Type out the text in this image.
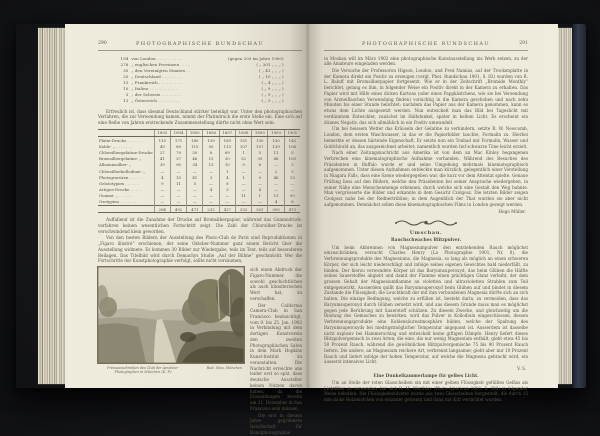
290	PHOTOGRAPHISCHE RUNDSCHAU
194 von London . . . . . . . . . .	(gegen 203 im Jahre 1900)
278 „ englischen Provinzen . . . .	( „ 301 „ „ „ )
35 „ den Vereinigten Staaten . .	( „ 43 „ „ „ )
25 „ Deutschland . . . . . . . .	( „ 10 „ „ „ )
13 „ Frankreich . . . . . . . . .	( „ 4 „ „ „ )
10 „ Italien . . . . . . . . . . .	( „ 9 „ „ „ )
3 „ der Schweiz . . . . . . . .	( „ 9 „ „ „ )
13 „ Österreich . . . . . . . . .	( „ 3 „ „ „ )

Erfreulich ist, dass diesmal Deutschland stärker beteiligt war. Unter den photographischen Verfahren, die zur Verwendung kamen, nimmt der Platindruck die erste Stelle ein. Eine sich auf eine Reihe von Jahren erstreckende Zusammenstellung dürfte nicht ohne Wert sein:

	1893	1894	1895	1896	1897	1898	1899	1900	1901
Platin-Drucke . . . . . .	115	171	180	139	189	151	130	130	143
Kohle- „ . . . . . . .	49	89	115	50	113	107	107	139	108
Chlorsilbergelatine-Drucke	27	79	50	8	69	1	5	11	5
Bromsilbergelatine- „	41	37	46	15	30	52	39	48	100
Albuminsilber- „	39	90	34	13	10	9	6	—	3
Chlorsilberkollodium- „	—	—	—	—	1	—	—	2	3
Photogravüren . . . . .	4	15	41	3	4	1	9	46	13
Gelatotypien . . . . . .	9	11	5	—	8	—	—	—	—
Artigue-Drucke . . . . .	—	—	—	4	3	—	4	—	—
Gummi- „ . . . . . .	—	—	—	—	—	11	1	13	90
Ozotypien . . . . . . .	—	—	—	—	—	—	—	4	8
	284	492	471	232	427	332	301	393	473

Auffallend ist die Zunahme der Drucke auf Bromsilberpapier, während das Gummidruck-verfahren keinen wesentlichen Fortschritt zeigt. Die Zahl der Chlorsilber-Drucke ist verschwindend klein geworden.

Von den besten Bildern der Ausstellung des Photo-Club de Paris sind Reproduktionen in „Figaro illustré“ erschienen, der seine Oktober-Nummer ganz einem Bericht über die Ausstellung widmete. Es kommen 30 Bilder zur Wiedergabe, teils im Text, teils auf besonderen Beilagen. Das Titelbild wird durch Demachys Studie „Auf der Bühne“ geschmückt. Wer die Fortschritte der Kunstphotographie verfolgt, sollte nicht versäumen,

Preisausschreiben des Club der Amateur-Photographen in München (K. P.)
Rud. Süss, München

sich einen Abdruck der Figaro-Nummer, die sowohl geschichtlichen als auch künstlerischen Wert hat, zu verschaffen.

Der California Camera-Club in San Francisco beabsichtigt, vom 9. bis 25. Jan. 1902 in Verbindung mit dem dortigen Kunstverein den zweiten Photographischen Salon in dem Mark Hopkins Kunst-Institut zu veranstalten. Die Nachricht erreichte uns leider erst so spät, dass deutsche Aussteller keinen Nutzen davon haben, da die Einsendungen bereits am 21. Dezember in San Francisco sein müssen.

Die erst in diesem Jahre gegründete Gesellschaft für Kunstphotographie

PHOTOGRAPHISCHE RUNDSCHAU	291

in Moskau will im März 1902 eine photographische Kunstausstellung ins Werk setzen, zu der alle Amateure eingeladen werden.

Die Versuche der Professoren Higson, London, und Fred Namias, auf der Trockenplatte in der Kamera direkt ein Positiv zu erzeugen (vergl. Phot. Rundschau 1901, S. 82) wurden von R. L. Baluff mit Bromsilberpapier fortgesetzt. Wie er in der Zeitschrift „Bromide Monthly“ berichtet, gelang es ihm, in folgender Weise ein Positiv direkt in der Kamera zu erhalten. Das Papier wird mit Hilfe eines dicken Kartons (oder eines Pappkästchens, wie sie bei Versendung von Arzneiflaschen Verwendung finden) vorsichtig in die Kamera geschoben und nach zehn Minuten bis einer Stunde belichtet; nachdem das Papier aus der Kamera genommen, kann es etwas dem Lichte ausgesetzt werden. Nun entwickelt man das Bild bei Tageslicht mit verdünntem Entwickler, zunächst im Halbdunkel, später in hellem Licht. Es erscheint ein dünnes Negativ, das sich allmählich in ein Positiv umwandelt.

Um bei heissem Wetter das Kräuseln der Gelatine zu verhindern, setzte R. W. Newcomb, London, dem ersten Waschwasser, in das er die Papierbilder tauchte, Formalin zu. Hierbei bemerkte er dessen härtende Eigenschaft. Er setzte nun ein Tonbad mit Formalin, Wasser und Goldchlorid an, das ausgezeichnet arbeitet; namentlich wurden tief schwarze Töne leicht erzielt.

Nach einer Zeitungsnachricht aus Amerika ist von dem an Mac Kinley begangenen Verbrechen eine kinematographische Aufnahme vorhanden. Während des Besuches des Präsidenten in Buffalo wurde er und seine Umgebung mehrmals kinematographisch aufgenommen. Unter diesen Aufnahmen entdeckte man kürzlich, gelegentlich einer Vorstellung in Niagara Falls, dass eine Szene wiedergegeben war, die kurz vor dem Attentat spielte. Genaue Prüfung liess auf den Bildern, welche den Präsidenten bei seiner Ansprache wiedergeben, in seiner Nähe eine Menschenmenge erkennen, durch welche sich eine Gestalt den Weg bahnte. Man vergrösserte die Bilder und erkannte in dem Gesicht Czolgosz. Die letzten Bilder zeigen Czolgosz nahe bei der Rednertribüne; in dem Augenblick der That wurden sie aber nicht aufgenommen. Demnächst sollen diese kinematographischen Films in London gezeigt werden.

Hugo Müller.
Umschau.
Rauchschwaches Blitzpulver.

Um beim Abbrennen von Magnesiumpulver den entstehenden Rauch möglichst einzuschränken, versucht Charles Henry (La Photographie 1901, Nr. 8), die Verbrennungsprodukte des Magnesiums, die Magnesia, so lang als möglich an einen schweren Körper, der sich leicht niederschlägt und infolge seines eigenen Gewichtes bald niederfällt, zu binden. Der hierzu verwendete Körper ist das Baryumsuperoxyd, das beim Glühen die Hälfte seines Sauerstoffes abgiebt und damit der Flamme einen prächtigen Glanz verleiht, der dem grossen Gehalt der Magnesiumflamme an violetten und ultravioletten Strahlen zum Teil entgegenwirkt. Ausserdem quillt das Baryumsuperoxyd beim Glühen auf und bindet in diesem Zustande die Flüssigkeit; die Leuchtkraft der mit ihm verbundenen Magnesia dürfte sich an sich halten. Die einzige Bedingung, welche zu erfüllen ist, besteht darin, zu vermeiden, dass das Baryumsuperoxyd durch Glühen zersetzt wird, und aus diesem Grunde muss man es möglichst gegen jede Berührung mit Sauerstoff schützen. Zu diesem Zwecke, und gleichzeitig um die Bindung des Gemisches zu bewirken, wird das Pulver in Kollodium eingeschlossen, dessen Verbrennungsprodukte eine Kohlensäureatmosphäre bilden, welche der Spaltung des Baryumsuperoxyds bei niedrigstmöglicher Temperatur angepasst ist. Ausserdem ist dasselbe nicht explosiv bei Hammerschlag und entwickelt keine giftigen Dämpfe. Henry liefert dieses Blitzpulvergemisch in zwei Arten; die eine, die nur wenig Magnesium enthält, giebt etwa 45 bis 50 Prozent Rauch, während die gewöhnlichen Blitzpulvergemische 75 bis 90 Prozent Rauch liefern. Die andere, an Magnesium reichere Art, verbrennt langsamer, giebt aber nur 10 Prozent Rauch und liefert infolge der hohen Temperatur, auf welche die Magnesia gebracht wird, ein äusserst intensives Licht.

V. S.
Eine Dunkelkammerlampe für gelbes Licht.

Um an Stelle der roten Glasscheiben ein mit einer gelben Flüssigkeit gefülltes Gefäss als Lichtfilter zu verwenden, hat sich R. M. Worthley (Photo-American 1901, S. 382) in folgender Weise beholfen: Die Flüssigkeitsküvette wurde aus zwei Glasscheiben hergestellt, die durch 15 mm dicke Holzleistchen von einander getrennt und dann mit Kitt verdichtet wurden.
